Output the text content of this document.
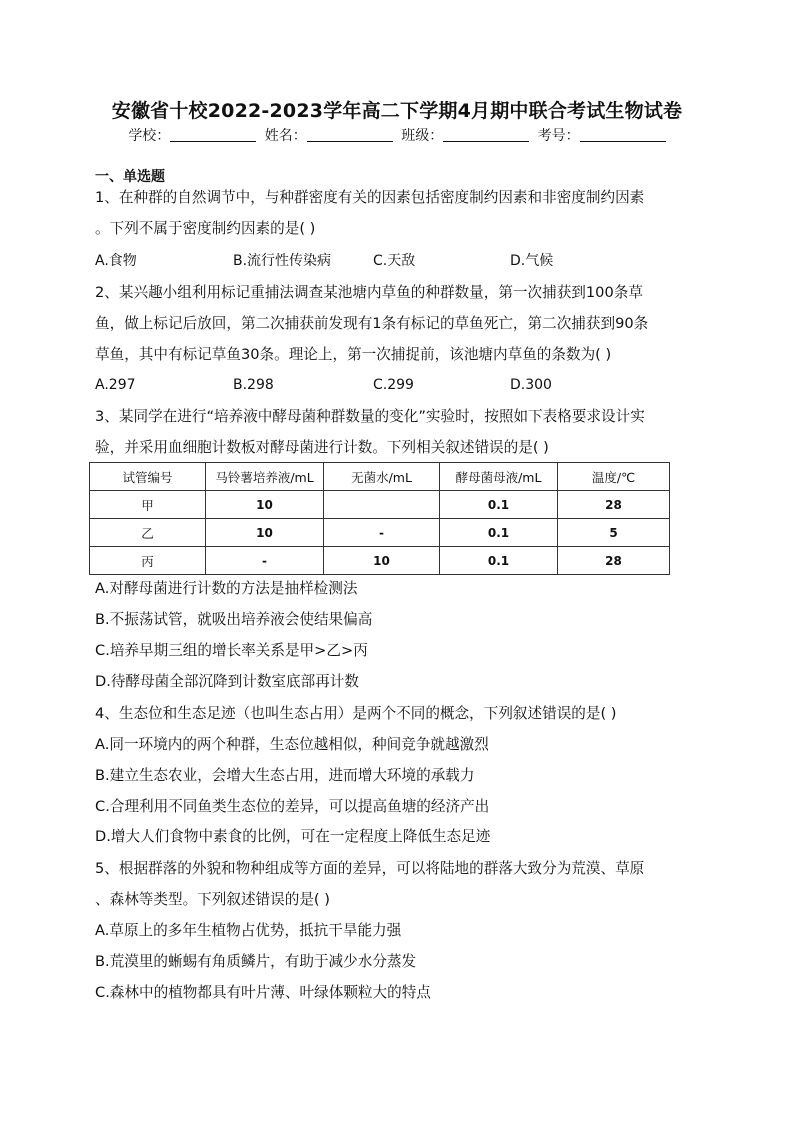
安徽省十校2022-2023学年高二下学期4月期中联合考试生物试卷
学校：	姓名：	班级：	考号：
一、单选题
1、在种群的自然调节中，与种群密度有关的因素包括密度制约因素和非密度制约因素
。下列不属于密度制约因素的是( )
A.食物	B.流行性传染病	C.天敌	D.气候
2、某兴趣小组利用标记重捕法调查某池塘内草鱼的种群数量，第一次捕获到100条草
鱼，做上标记后放回，第二次捕获前发现有1条有标记的草鱼死亡，第二次捕获到90条
草鱼，其中有标记草鱼30条。理论上，第一次捕捉前，该池塘内草鱼的条数为( )
A.297	B.298	C.299	D.300
3、某同学在进行“培养液中酵母菌种群数量的变化”实验时，按照如下表格要求设计实
验，并采用血细胞计数板对酵母菌进行计数。下列相关叙述错误的是( )
试管编号	马铃薯培养液/mL	无菌水/mL	酵母菌母液/mL	温度/℃
甲	10		0.1	28
乙	10	-	0.1	5
丙	-	10	0.1	28
A.对酵母菌进行计数的方法是抽样检测法
B.不振荡试管，就吸出培养液会使结果偏高
C.培养早期三组的增长率关系是甲>乙>丙
D.待酵母菌全部沉降到计数室底部再计数
4、生态位和生态足迹（也叫生态占用）是两个不同的概念，下列叙述错误的是( )
A.同一环境内的两个种群，生态位越相似，种间竞争就越激烈
B.建立生态农业，会增大生态占用，进而增大环境的承载力
C.合理利用不同鱼类生态位的差异，可以提高鱼塘的经济产出
D.增大人们食物中素食的比例，可在一定程度上降低生态足迹
5、根据群落的外貌和物种组成等方面的差异，可以将陆地的群落大致分为荒漠、草原
、森林等类型。下列叙述错误的是( )
A.草原上的多年生植物占优势，抵抗干旱能力强
B.荒漠里的蜥蜴有角质鳞片，有助于减少水分蒸发
C.森林中的植物都具有叶片薄、叶绿体颗粒大的特点
